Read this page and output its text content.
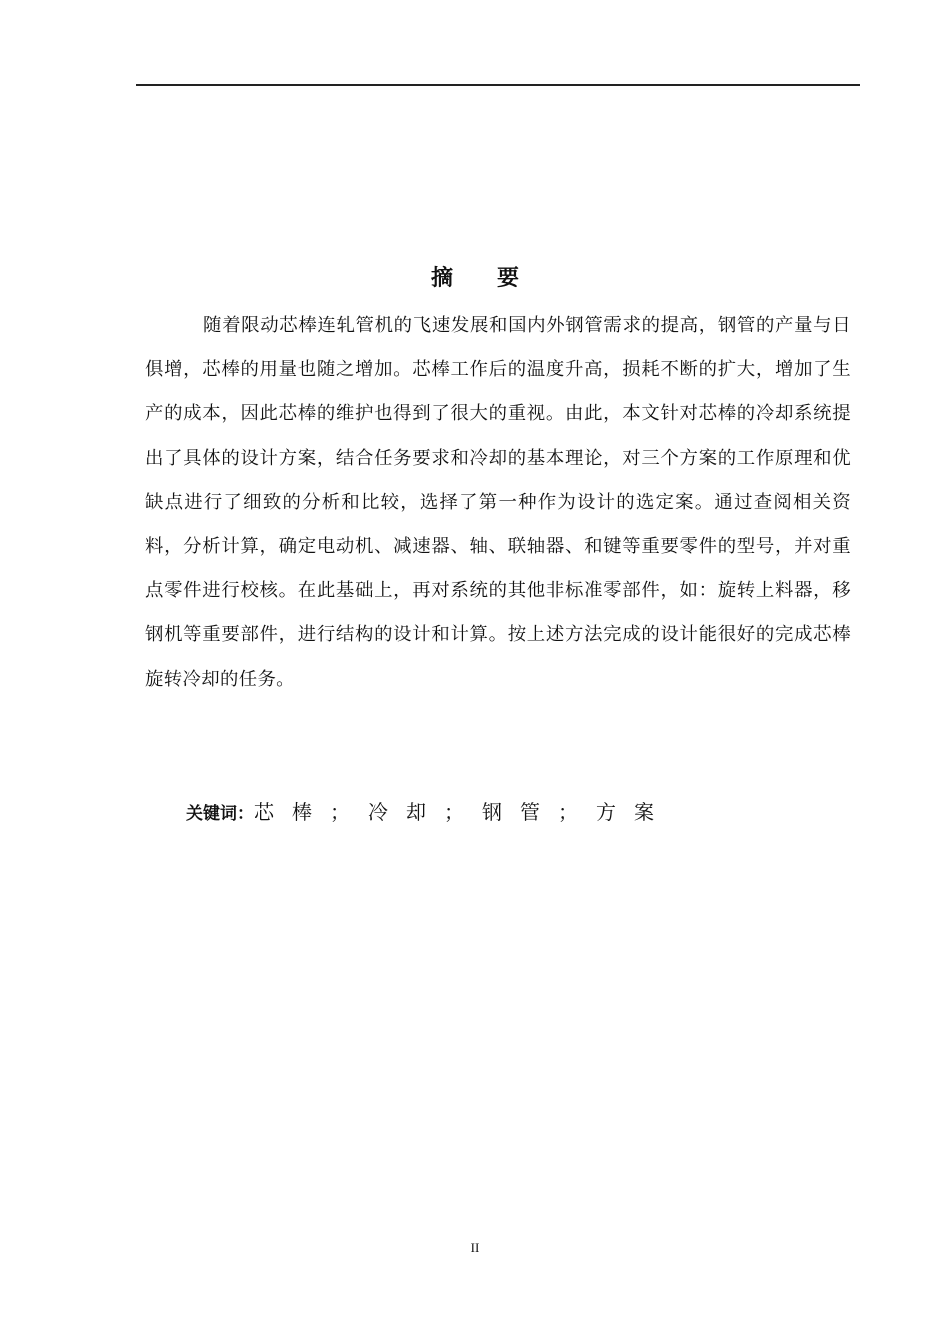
摘要

随着限动芯棒连轧管机的飞速发展和国内外钢管需求的提高，钢管的产量与日俱增，芯棒的用量也随之增加。芯棒工作后的温度升高，损耗不断的扩大，增加了生产的成本，因此芯棒的维护也得到了很大的重视。由此，本文针对芯棒的冷却系统提出了具体的设计方案，结合任务要求和冷却的基本理论，对三个方案的工作原理和优缺点进行了细致的分析和比较，选择了第一种作为设计的选定案。通过查阅相关资料，分析计算，确定电动机、减速器、轴、联轴器、和键等重要零件的型号，并对重点零件进行校核。在此基础上，再对系统的其他非标准零部件，如：旋转上料器，移钢机等重要部件，进行结构的设计和计算。按上述方法完成的设计能很好的完成芯棒旋转冷却的任务。

关键词：芯棒；冷却；钢管；方案
II
